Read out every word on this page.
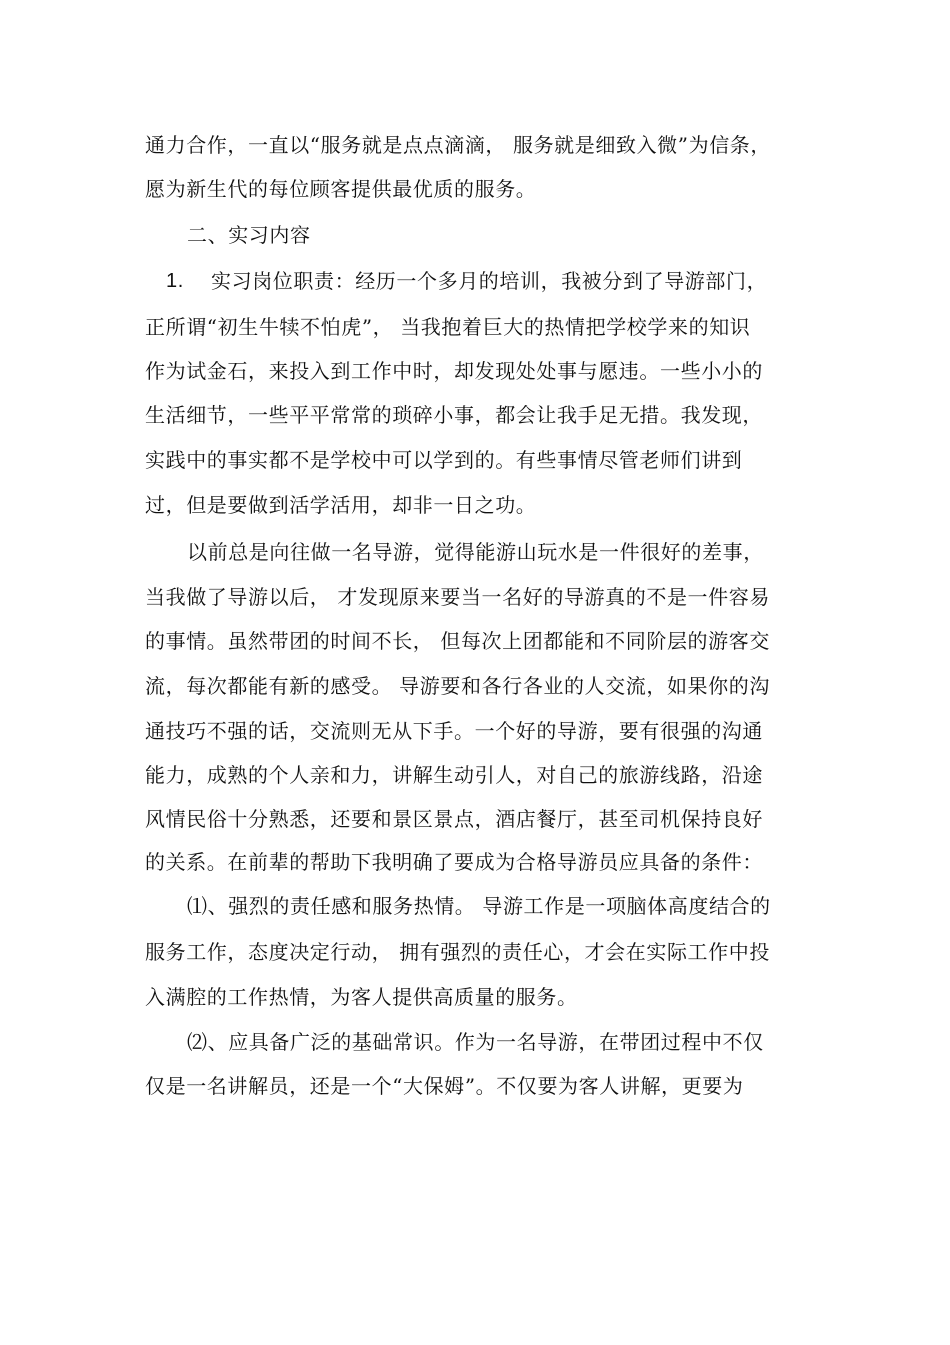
通力合作，一直以“服务就是点点滴滴， 服务就是细致入微”为信条，
愿为新生代的每位顾客提供最优质的服务。
二、实习内容
1. 实习岗位职责：经历一个多月的培训，我被分到了导游部门，
正所谓“初生牛犊不怕虎”， 当我抱着巨大的热情把学校学来的知识
作为试金石，来投入到工作中时，却发现处处事与愿违。一些小小的
生活细节，一些平平常常的琐碎小事，都会让我手足无措。我发现，
实践中的事实都不是学校中可以学到的。有些事情尽管老师们讲到
过，但是要做到活学活用，却非一日之功。
以前总是向往做一名导游，觉得能游山玩水是一件很好的差事，
当我做了导游以后， 才发现原来要当一名好的导游真的不是一件容易
的事情。虽然带团的时间不长， 但每次上团都能和不同阶层的游客交
流，每次都能有新的感受。 导游要和各行各业的人交流，如果你的沟
通技巧不强的话，交流则无从下手。一个好的导游，要有很强的沟通
能力，成熟的个人亲和力，讲解生动引人，对自己的旅游线路，沿途
风情民俗十分熟悉，还要和景区景点，酒店餐厅，甚至司机保持良好
的关系。在前辈的帮助下我明确了要成为合格导游员应具备的条件：
⑴、强烈的责任感和服务热情。 导游工作是一项脑体高度结合的
服务工作，态度决定行动， 拥有强烈的责任心，才会在实际工作中投
入满腔的工作热情，为客人提供高质量的服务。
⑵、应具备广泛的基础常识。作为一名导游，在带团过程中不仅
仅是一名讲解员，还是一个“大保姆”。不仅要为客人讲解，更要为
